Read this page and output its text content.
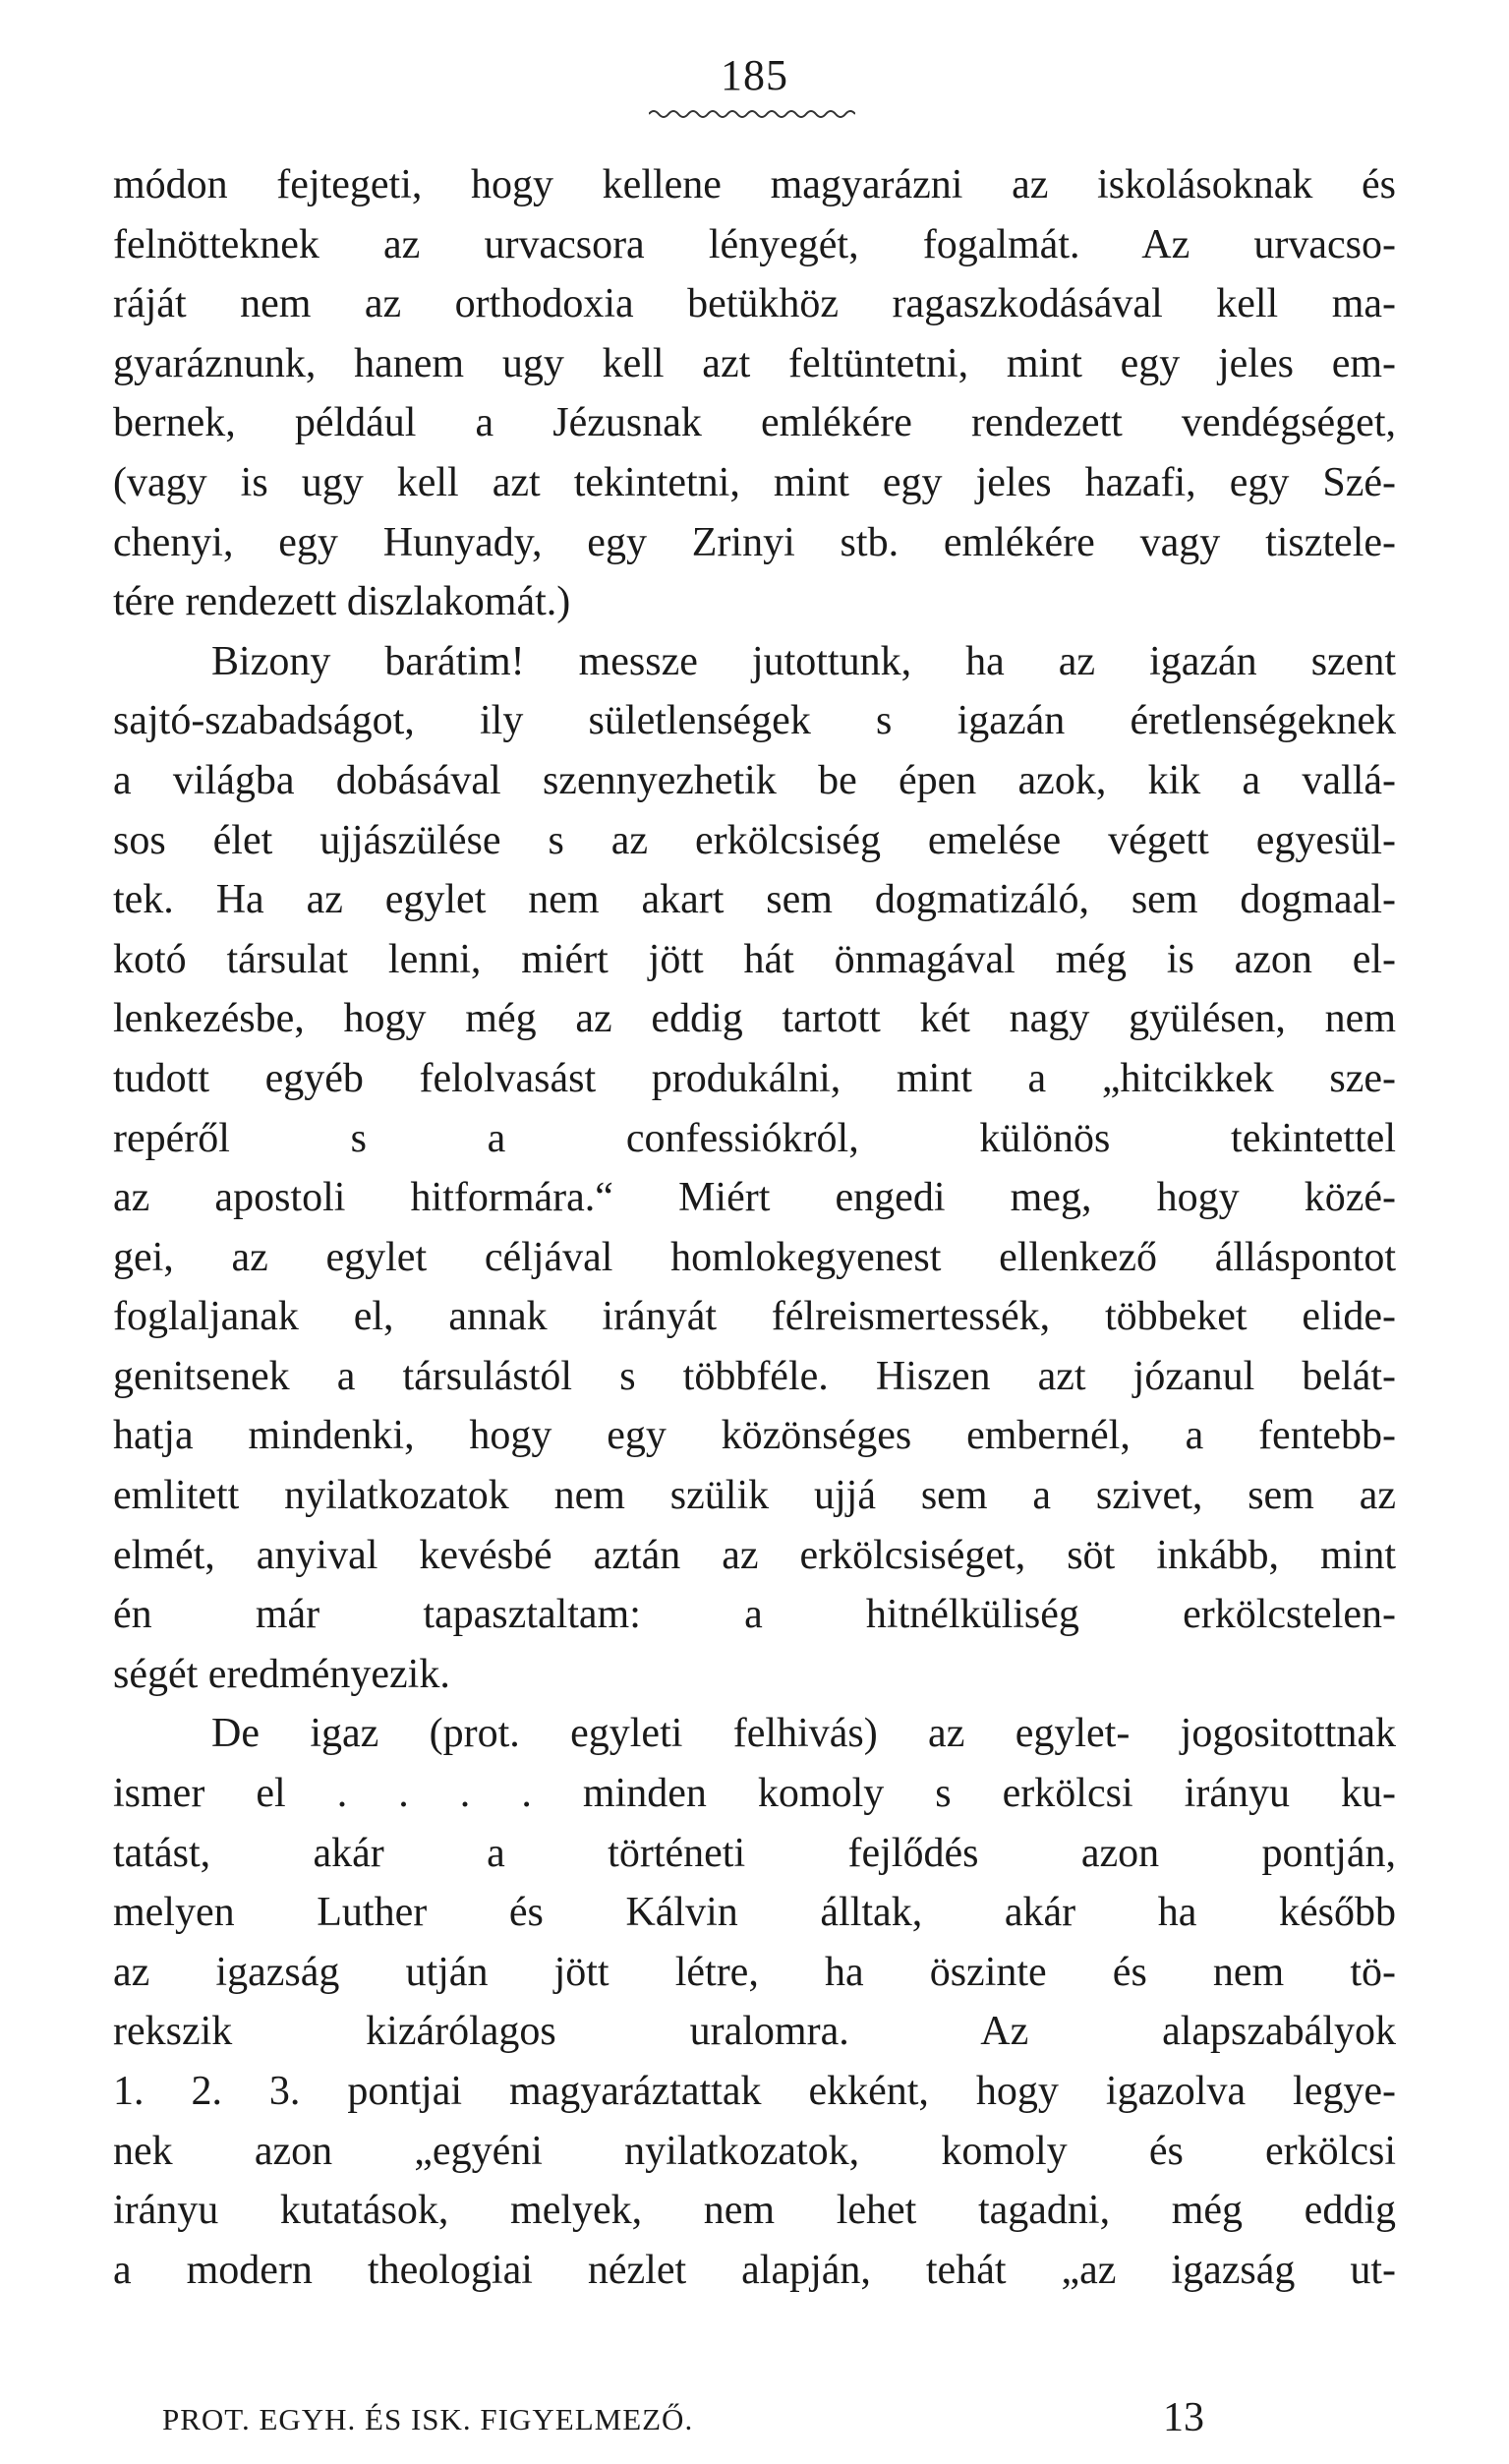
185
módon fejtegeti, hogy kellene magyarázni az iskolásoknak és
felnötteknek az urvacsora lényegét, fogalmát. Az urvacso-
ráját nem az orthodoxia betükhöz ragaszkodásával kell ma-
gyaráznunk, hanem ugy kell azt feltüntetni, mint egy jeles em-
bernek, például a Jézusnak emlékére rendezett vendégséget,
(vagy is ugy kell azt tekintetni, mint egy jeles hazafi, egy Szé-
chenyi, egy Hunyady, egy Zrinyi stb. emlékére vagy tisztele-
tére rendezett diszlakomát.)
Bizony barátim! messze jutottunk, ha az igazán szent
sajtó-szabadságot, ily sületlenségek s igazán éretlenségeknek
a világba dobásával szennyezhetik be épen azok, kik a vallá-
sos élet ujjászülése s az erkölcsiség emelése végett egyesül-
tek. Ha az egylet nem akart sem dogmatizáló, sem dogmaal-
kotó társulat lenni, miért jött hát önmagával még is azon el-
lenkezésbe, hogy még az eddig tartott két nagy gyülésen, nem
tudott egyéb felolvasást produkálni, mint a „hitcikkek sze-
repéről s a confessiókról, különös tekintettel
az apostoli hitformára.“ Miért engedi meg, hogy közé-
gei, az egylet céljával homlokegyenest ellenkező álláspontot
foglaljanak el, annak irányát félreismertessék, többeket elide-
genitsenek a társulástól s többféle. Hiszen azt józanul belát-
hatja mindenki, hogy egy közönséges embernél, a fentebb-
emlitett nyilatkozatok nem szülik ujjá sem a szivet, sem az
elmét, anyival kevésbé aztán az erkölcsiséget, söt inkább, mint
én már tapasztaltam: a hitnélküliség erkölcstelen-
ségét eredményezik.
De igaz (prot. egyleti felhivás) az egylet- jogositottnak
ismer el . . . . minden komoly s erkölcsi irányu ku-
tatást, akár a történeti fejlődés azon pontján,
melyen Luther és Kálvin álltak, akár ha később
az igazság utján jött létre, ha öszinte és nem tö-
rekszik kizárólagos uralomra. Az alapszabályok
1. 2. 3. pontjai magyaráztattak ekként, hogy igazolva legye-
nek azon „egyéni nyilatkozatok, komoly és erkölcsi
irányu kutatások, melyek, nem lehet tagadni, még eddig
a modern theologiai nézlet alapján, tehát „az igazság ut-
PROT. EGYH. ÉS ISK. FIGYELMEZŐ.	13
